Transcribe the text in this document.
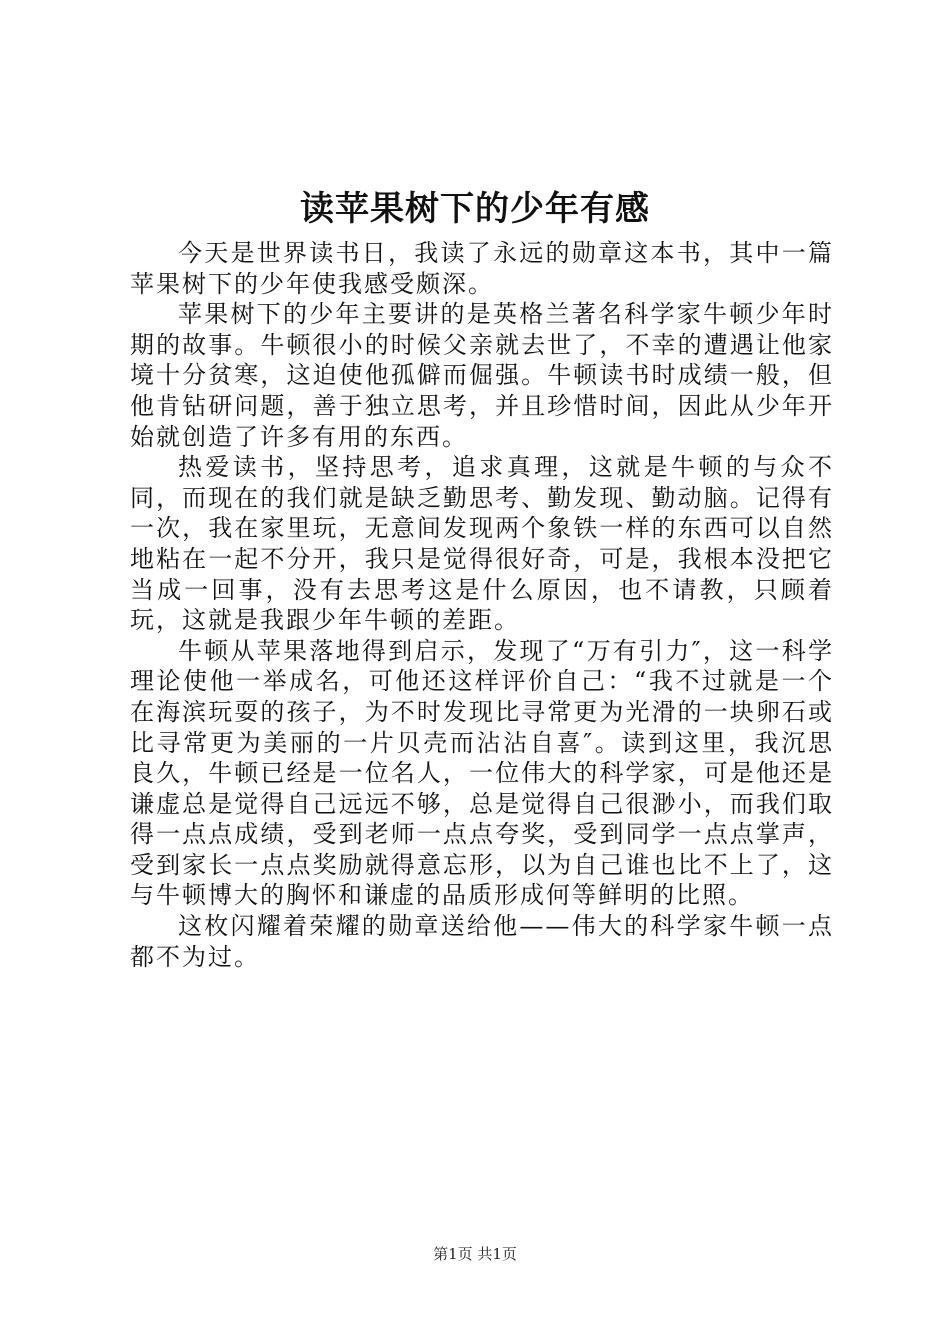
读苹果树下的少年有感

今天是世界读书日，我读了永远的勋章这本书，其中一篇苹果树下的少年使我感受颇深。

苹果树下的少年主要讲的是英格兰著名科学家牛顿少年时期的故事。牛顿很小的时候父亲就去世了，不幸的遭遇让他家境十分贫寒，这迫使他孤僻而倔强。牛顿读书时成绩一般，但他肯钻研问题，善于独立思考，并且珍惜时间，因此从少年开始就创造了许多有用的东西。

热爱读书，坚持思考，追求真理，这就是牛顿的与众不同，而现在的我们就是缺乏勤思考、勤发现、勤动脑。记得有一次，我在家里玩，无意间发现两个象铁一样的东西可以自然地粘在一起不分开，我只是觉得很好奇，可是，我根本没把它当成一回事，没有去思考这是什么原因，也不请教，只顾着玩，这就是我跟少年牛顿的差距。

牛顿从苹果落地得到启示，发现了“万有引力″，这一科学理论使他一举成名，可他还这样评价自己：“我不过就是一个在海滨玩耍的孩子，为不时发现比寻常更为光滑的一块卵石或比寻常更为美丽的一片贝壳而沾沾自喜″。读到这里，我沉思良久，牛顿已经是一位名人，一位伟大的科学家，可是他还是谦虚总是觉得自己远远不够，总是觉得自己很渺小，而我们取得一点点成绩，受到老师一点点夸奖，受到同学一点点掌声，受到家长一点点奖励就得意忘形，以为自己谁也比不上了，这与牛顿博大的胸怀和谦虚的品质形成何等鲜明的比照。

这枚闪耀着荣耀的勋章送给他——伟大的科学家牛顿一点都不为过。

第1页 共1页
